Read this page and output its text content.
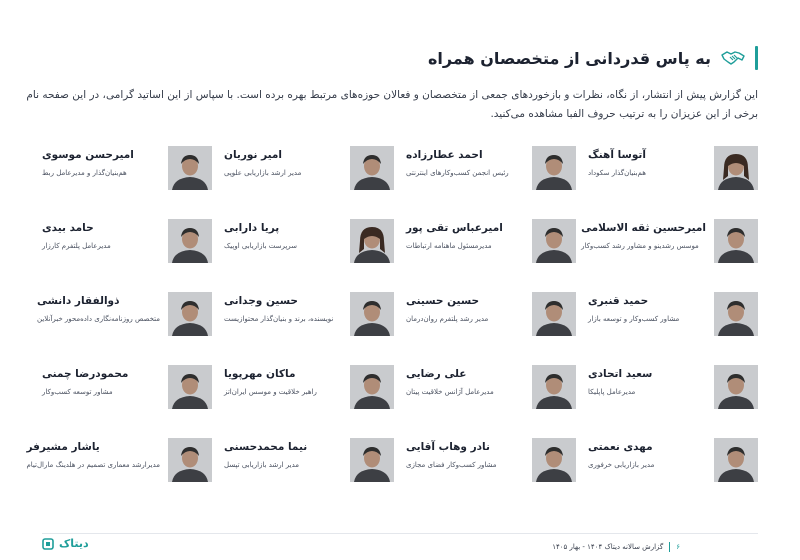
به پاس قدردانی از متخصصان همراه

این گزارش پیش از انتشار، از نگاه، نظرات و بازخوردهای جمعی از متخصصان و فعالان حوزه‌های مرتبط بهره برده است. با سپاس از این اساتید گرامی، در این صفحه نام

برخی از این عزیزان را به ترتیب حروف الفبا مشاهده می‌کنید.

آتوسا آهنگ
هم‌بنیان‌گذار سکوداد
احمد عطارزاده
رئیس انجمن کسب‌وکارهای اینترنتی
امیر نوریان
مدیر ارشد بازاریابی علوپی
امیرحسن موسوی
هم‌بنیان‌گذار و مدیرعامل ربط
امیرحسین ثقه الاسلامی
موسس رشدینو و مشاور رشد کسب‌وکار
امیرعباس تقی پور
مدیرمسئول ماهنامه ارتباطات
پریا دارابی
سرپرست بازاریابی اوپیک
حامد بیدی
مدیرعامل پلتفرم کارزار
حمید قنبری
مشاور کسب‌وکار و توسعه بازار
حسین حسینی
مدیر رشد پلتفرم روان‌درمان
حسین وجدانی
نویسنده، برند و بنیان‌گذار محتوازیست
ذوالفقار دانشی
متخصص روزنامه‌نگاری داده‌محور خبرآنلاین
سعید اتحادی
مدیرعامل پاپلیکا
علی رضایی
مدیرعامل آژانس خلاقیت پیتان
ماکان مهرپویا
راهبر خلاقیت و موسس ایران‌اتز
محمودرضا چمنی
مشاور توسعه کسب‌وکار
مهدی نعمتی
مدیر بازاریابی خرفوری
نادر وهاب آقایی
مشاور کسب‌وکار فضای مجازی
نیما محمدحسنی
مدیر ارشد بازاریابی تپسل
یاشار مشیرفر
مدیرارشد معماری تصمیم در هلدینگ مارال‌تیام
۶
گزارش سالانه دیتاک ۱۴۰۴ - بهار ۱۴۰۵
دیتاک
